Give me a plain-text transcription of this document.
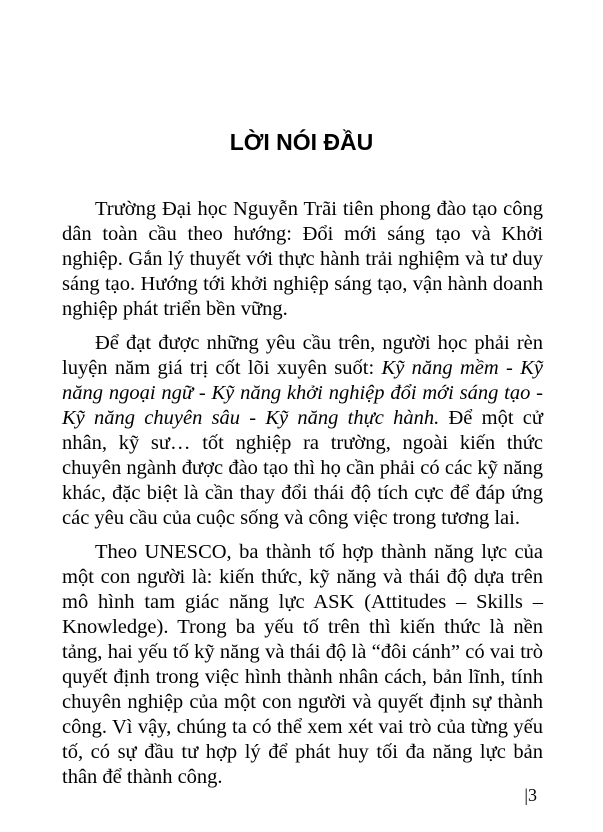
LỜI NÓI ĐẦU

Trường Đại học Nguyễn Trãi tiên phong đào tạo công dân toàn cầu theo hướng: Đổi mới sáng tạo và Khởi nghiệp. Gắn lý thuyết với thực hành trải nghiệm và tư duy sáng tạo. Hướng tới khởi nghiệp sáng tạo, vận hành doanh nghiệp phát triển bền vững.

Để đạt được những yêu cầu trên, người học phải rèn luyện năm giá trị cốt lõi xuyên suốt: Kỹ năng mềm - Kỹ năng ngoại ngữ - Kỹ năng khởi nghiệp đổi mới sáng tạo - Kỹ năng chuyên sâu - Kỹ năng thực hành. Để một cử nhân, kỹ sư… tốt nghiệp ra trường, ngoài kiến thức chuyên ngành được đào tạo thì họ cần phải có các kỹ năng khác, đặc biệt là cần thay đổi thái độ tích cực để đáp ứng các yêu cầu của cuộc sống và công việc trong tương lai.

Theo UNESCO, ba thành tố hợp thành năng lực của một con người là: kiến thức, kỹ năng và thái độ dựa trên mô hình tam giác năng lực ASK (Attitudes – Skills – Knowledge). Trong ba yếu tố trên thì kiến thức là nền tảng, hai yếu tố kỹ năng và thái độ là “đôi cánh” có vai trò quyết định trong việc hình thành nhân cách, bản lĩnh, tính chuyên nghiệp của một con người và quyết định sự thành công. Vì vậy, chúng ta có thể xem xét vai trò của từng yếu tố, có sự đầu tư hợp lý để phát huy tối đa năng lực bản thân để thành công.

|3
